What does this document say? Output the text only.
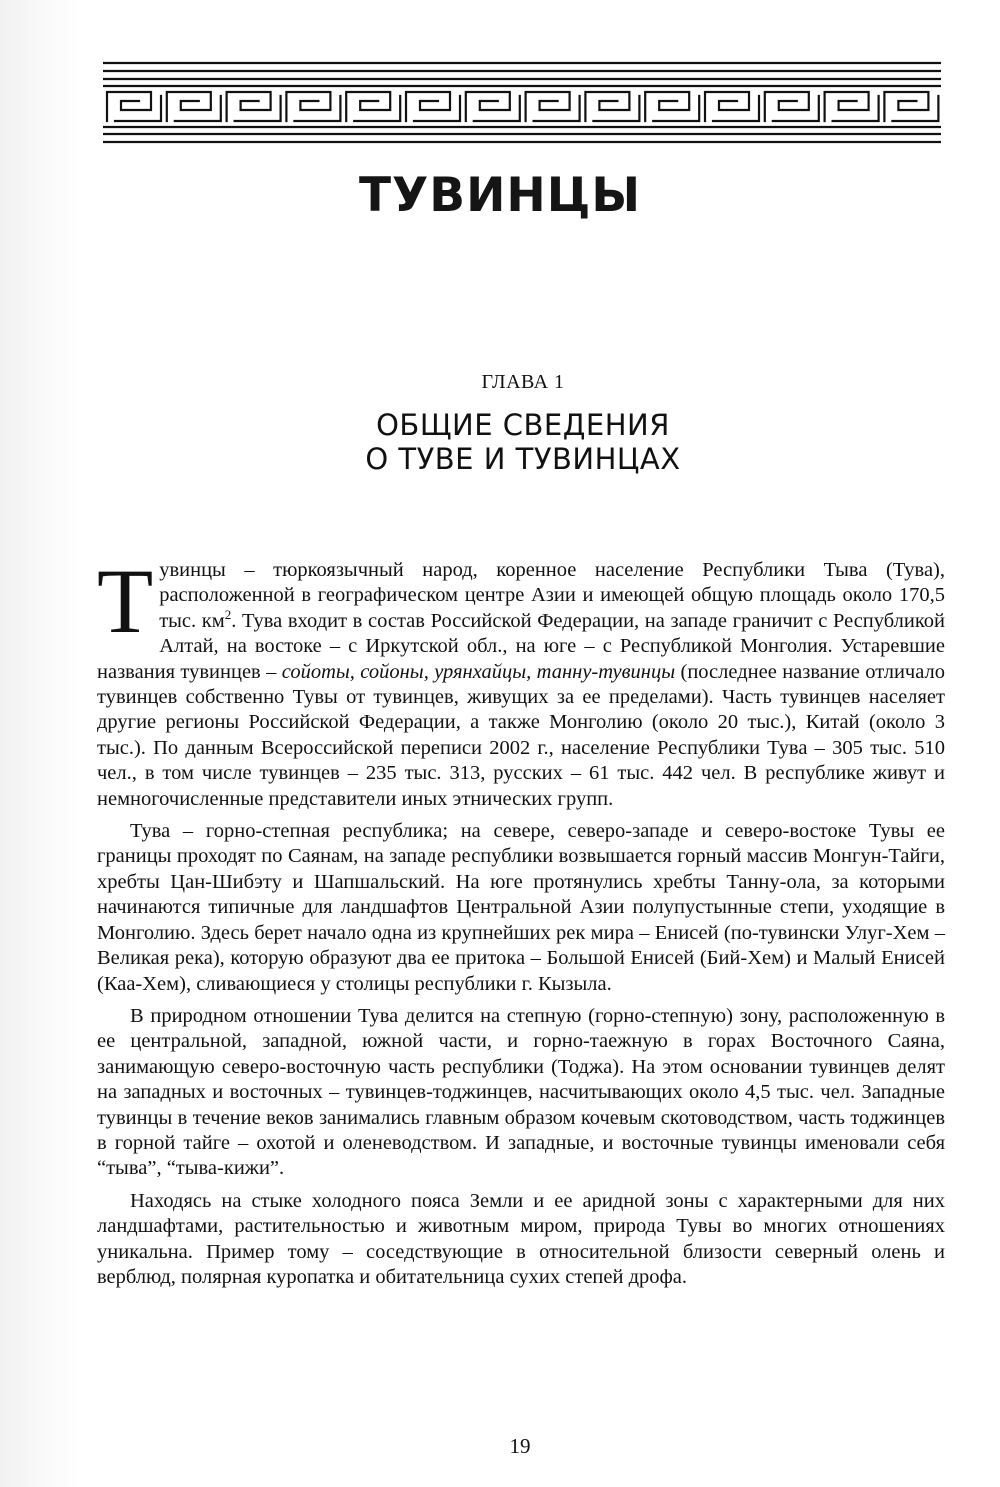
ТУВИНЦЫ
ГЛАВА 1
ОБЩИЕ СВЕДЕНИЯ
О ТУВЕ И ТУВИНЦАХ

Тувинцы – тюркоязычный народ, коренное население Республики Тыва (Тува), расположенной в географическом центре Азии и имеющей общую площадь около 170,5 тыс. $км^2$. Тува входит в состав Российской Федерации, на западе граничит с Республикой Алтай, на востоке – с Иркутской обл., на юге – с Республикой Монголия. Устаревшие названия тувинцев – сойоты, сойоны, урянхайцы, танну-тувинцы (последнее название отличало тувинцев собственно Тувы от тувинцев, живущих за ее пределами). Часть тувинцев населяет другие регионы Российской Федерации, а также Монголию (около 20 тыс.), Китай (около 3 тыс.). По данным Всероссийской переписи 2002 г., население Республики Тува – 305 тыс. 510 чел., в том числе тувинцев – 235 тыс. 313, русских – 61 тыс. 442 чел. В республике живут и немногочисленные представители иных этнических групп.

Тува – горно-степная республика; на севере, северо-западе и северо-востоке Тувы ее границы проходят по Саянам, на западе республики возвышается горный массив Монгун-Тайги, хребты Цан-Шибэту и Шапшальский. На юге протянулись хребты Танну-ола, за которыми начинаются типичные для ландшафтов Центральной Азии полупустынные степи, уходящие в Монголию. Здесь берет начало одна из крупнейших рек мира – Енисей (по-тувински Улуг-Хем – Великая река), которую образуют два ее притока – Большой Енисей (Бий-Хем) и Малый Енисей (Каа-Хем), сливающиеся у столицы республики г. Кызыла.

В природном отношении Тува делится на степную (горно-степную) зону, расположенную в ее центральной, западной, южной части, и горно-таежную в горах Восточного Саяна, занимающую северо-восточную часть республики (Тоджа). На этом основании тувинцев делят на западных и восточных – тувинцев-тоджинцев, насчитывающих около 4,5 тыс. чел. Западные тувинцы в течение веков занимались главным образом кочевым скотоводством, часть тоджинцев в горной тайге – охотой и оленеводством. И западные, и восточные тувинцы именовали себя “тыва”, “тыва-кижи”.

Находясь на стыке холодного пояса Земли и ее аридной зоны с характерными для них ландшафтами, растительностью и животным миром, природа Тувы во многих отношениях уникальна. Пример тому – соседствующие в относительной близости северный олень и верблюд, полярная куропатка и обитательница сухих степей дрофа.

19
